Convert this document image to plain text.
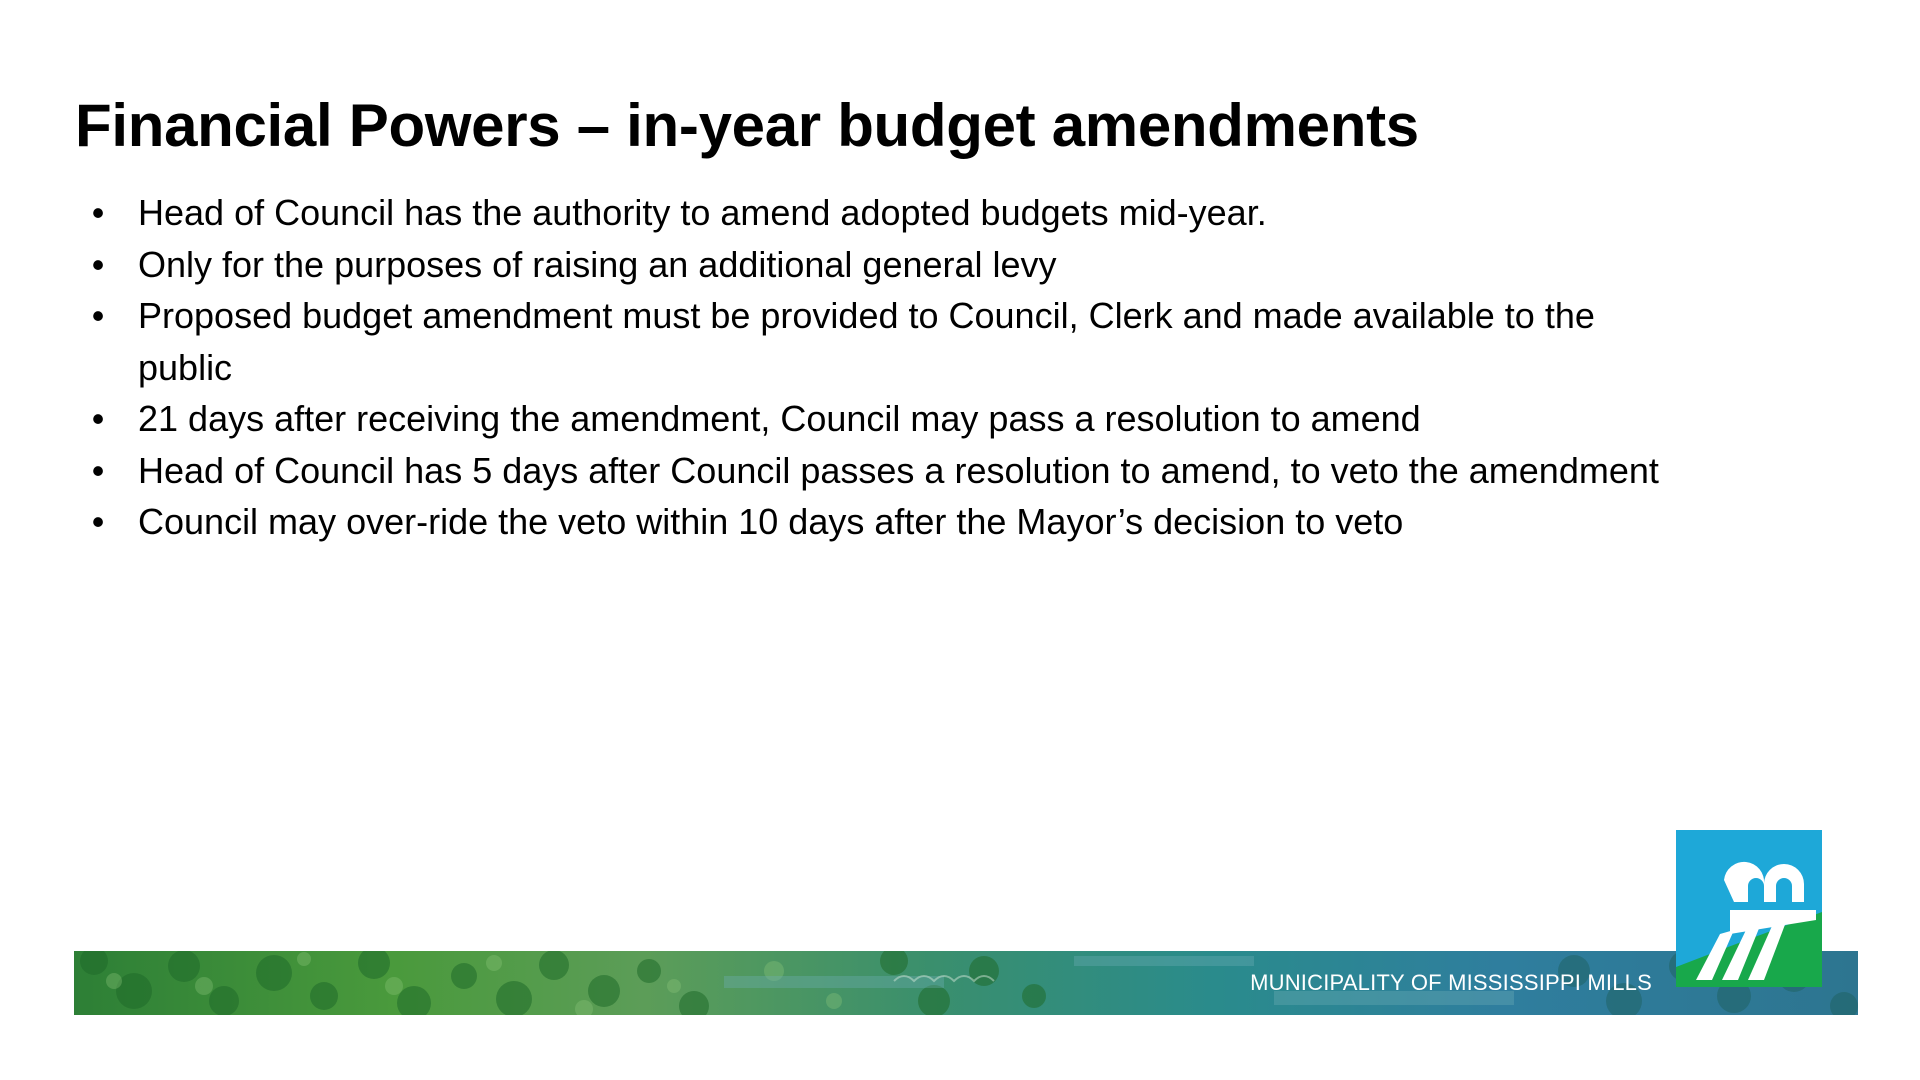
Financial Powers – in-year budget amendments
• Head of Council has the authority to amend adopted budgets mid-year.
• Only for the purposes of raising an additional general levy
• Proposed budget amendment must be provided to Council, Clerk and made available to the public
• 21 days after receiving the amendment, Council may pass a resolution to amend
• Head of Council has 5 days after Council passes a resolution to amend, to veto the amendment
• Council may over-ride the veto within 10 days after the Mayor’s decision to veto
MUNICIPALITY OF MISSISSIPPI MILLS
